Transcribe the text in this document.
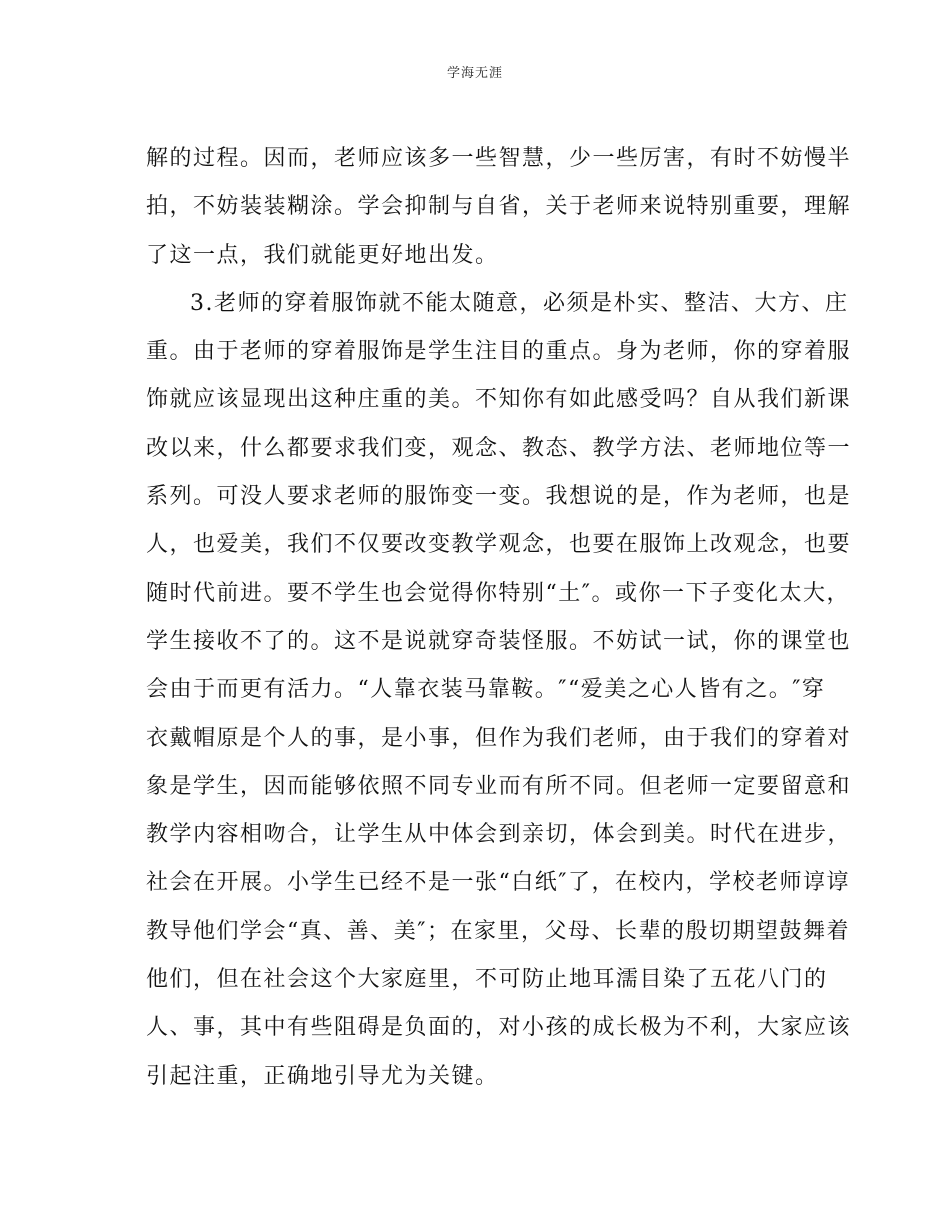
学海无涯
解的过程。因而，老师应该多一些智慧，少一些厉害，有时不妨慢半
拍，不妨装装糊涂。学会抑制与自省，关于老师来说特别重要，理解
了这一点，我们就能更好地出发。
3.老师的穿着服饰就不能太随意，必须是朴实、整洁、大方、庄
重。由于老师的穿着服饰是学生注目的重点。身为老师，你的穿着服
饰就应该显现出这种庄重的美。不知你有如此感受吗？自从我们新课
改以来，什么都要求我们变，观念、教态、教学方法、老师地位等一
系列。可没人要求老师的服饰变一变。我想说的是，作为老师，也是
人，也爱美，我们不仅要改变教学观念，也要在服饰上改观念，也要
随时代前进。要不学生也会觉得你特别“土″。或你一下子变化太大，
学生接收不了的。这不是说就穿奇装怪服。不妨试一试，你的课堂也
会由于而更有活力。“人靠衣装马靠鞍。″“爱美之心人皆有之。″穿
衣戴帽原是个人的事，是小事，但作为我们老师，由于我们的穿着对
象是学生，因而能够依照不同专业而有所不同。但老师一定要留意和
教学内容相吻合，让学生从中体会到亲切，体会到美。时代在进步，
社会在开展。小学生已经不是一张“白纸″了，在校内，学校老师谆谆
教导他们学会“真、善、美″；在家里，父母、长辈的殷切期望鼓舞着
他们，但在社会这个大家庭里，不可防止地耳濡目染了五花八门的
人、事，其中有些阻碍是负面的，对小孩的成长极为不利，大家应该
引起注重，正确地引导尤为关键。
